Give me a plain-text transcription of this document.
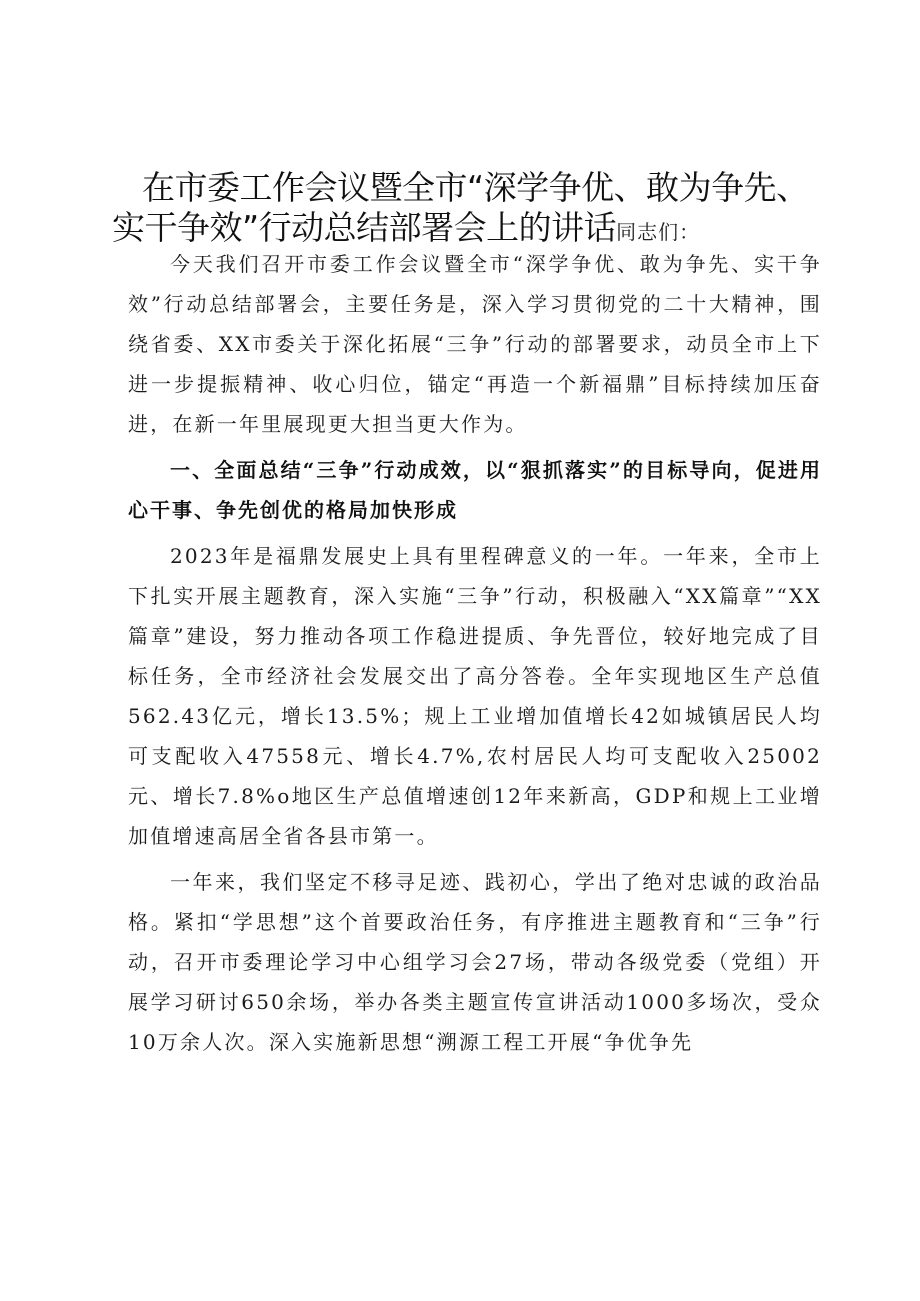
在市委工作会议暨全市“深学争优、敢为争先、实干争效”行动总结部署会上的讲话同志们：

今天我们召开市委工作会议暨全市“深学争优、敢为争先、实干争效”行动总结部署会，主要任务是，深入学习贯彻党的二十大精神，围绕省委、XX市委关于深化拓展“三争”行动的部署要求，动员全市上下进一步提振精神、收心归位，锚定“再造一个新福鼎”目标持续加压奋进，在新一年里展现更大担当更大作为。

一、全面总结“三争”行动成效，以“狠抓落实”的目标导向，促进用心干事、争先创优的格局加快形成

2023年是福鼎发展史上具有里程碑意义的一年。一年来，全市上下扎实开展主题教育，深入实施“三争”行动，积极融入“XX篇章”“XX篇章”建设，努力推动各项工作稳进提质、争先晋位，较好地完成了目标任务，全市经济社会发展交出了高分答卷。全年实现地区生产总值562.43亿元，增长13.5%；规上工业增加值增长42如城镇居民人均可支配收入47558元、增长4.7%,农村居民人均可支配收入25002元、增长7.8%o地区生产总值增速创12年来新高，GDP和规上工业增加值增速高居全省各县市第一。

一年来，我们坚定不移寻足迹、践初心，学出了绝对忠诚的政治品格。紧扣“学思想”这个首要政治任务，有序推进主题教育和“三争”行动，召开市委理论学习中心组学习会27场，带动各级党委（党组）开展学习研讨650余场，举办各类主题宣传宣讲活动1000多场次，受众10万余人次。深入实施新思想“溯源工程工开展“争优争先
